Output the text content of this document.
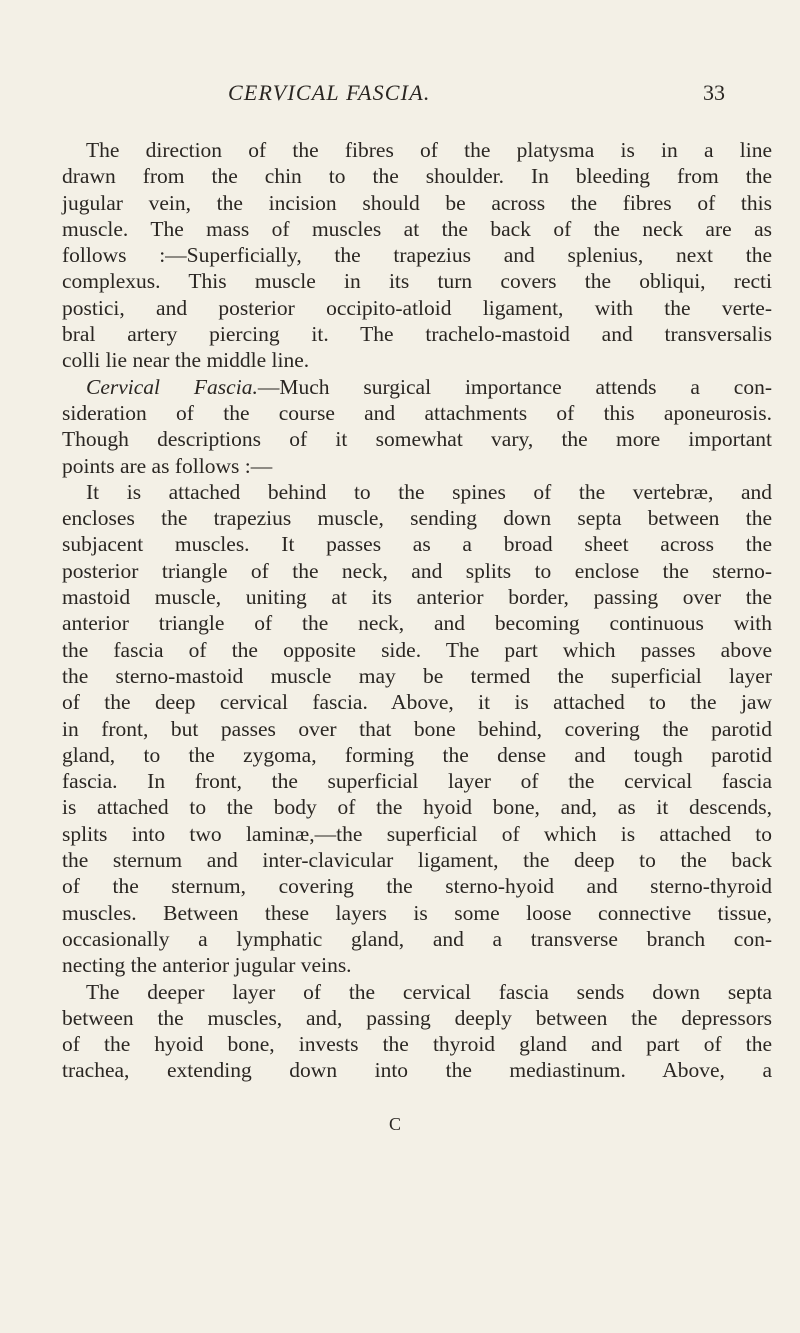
CERVICAL FASCIA.	33
The direction of the fibres of the platysma is in a line
drawn from the chin to the shoulder. In bleeding from the
jugular vein, the incision should be across the fibres of this
muscle. The mass of muscles at the back of the neck are as
follows :—Superficially, the trapezius and splenius, next the
complexus. This muscle in its turn covers the obliqui, recti
postici, and posterior occipito-atloid ligament, with the verte-
bral artery piercing it. The trachelo-mastoid and transversalis
colli lie near the middle line.
Cervical Fascia.—Much surgical importance attends a con-
sideration of the course and attachments of this aponeurosis.
Though descriptions of it somewhat vary, the more important
points are as follows :—
It is attached behind to the spines of the vertebræ, and
encloses the trapezius muscle, sending down septa between the
subjacent muscles. It passes as a broad sheet across the
posterior triangle of the neck, and splits to enclose the sterno-
mastoid muscle, uniting at its anterior border, passing over the
anterior triangle of the neck, and becoming continuous with
the fascia of the opposite side. The part which passes above
the sterno-mastoid muscle may be termed the superficial layer
of the deep cervical fascia. Above, it is attached to the jaw
in front, but passes over that bone behind, covering the parotid
gland, to the zygoma, forming the dense and tough parotid
fascia. In front, the superficial layer of the cervical fascia
is attached to the body of the hyoid bone, and, as it descends,
splits into two laminæ,—the superficial of which is attached to
the sternum and inter-clavicular ligament, the deep to the back
of the sternum, covering the sterno-hyoid and sterno-thyroid
muscles. Between these layers is some loose connective tissue,
occasionally a lymphatic gland, and a transverse branch con-
necting the anterior jugular veins.
The deeper layer of the cervical fascia sends down septa
between the muscles, and, passing deeply between the depressors
of the hyoid bone, invests the thyroid gland and part of the
trachea, extending down into the mediastinum. Above, a
C
